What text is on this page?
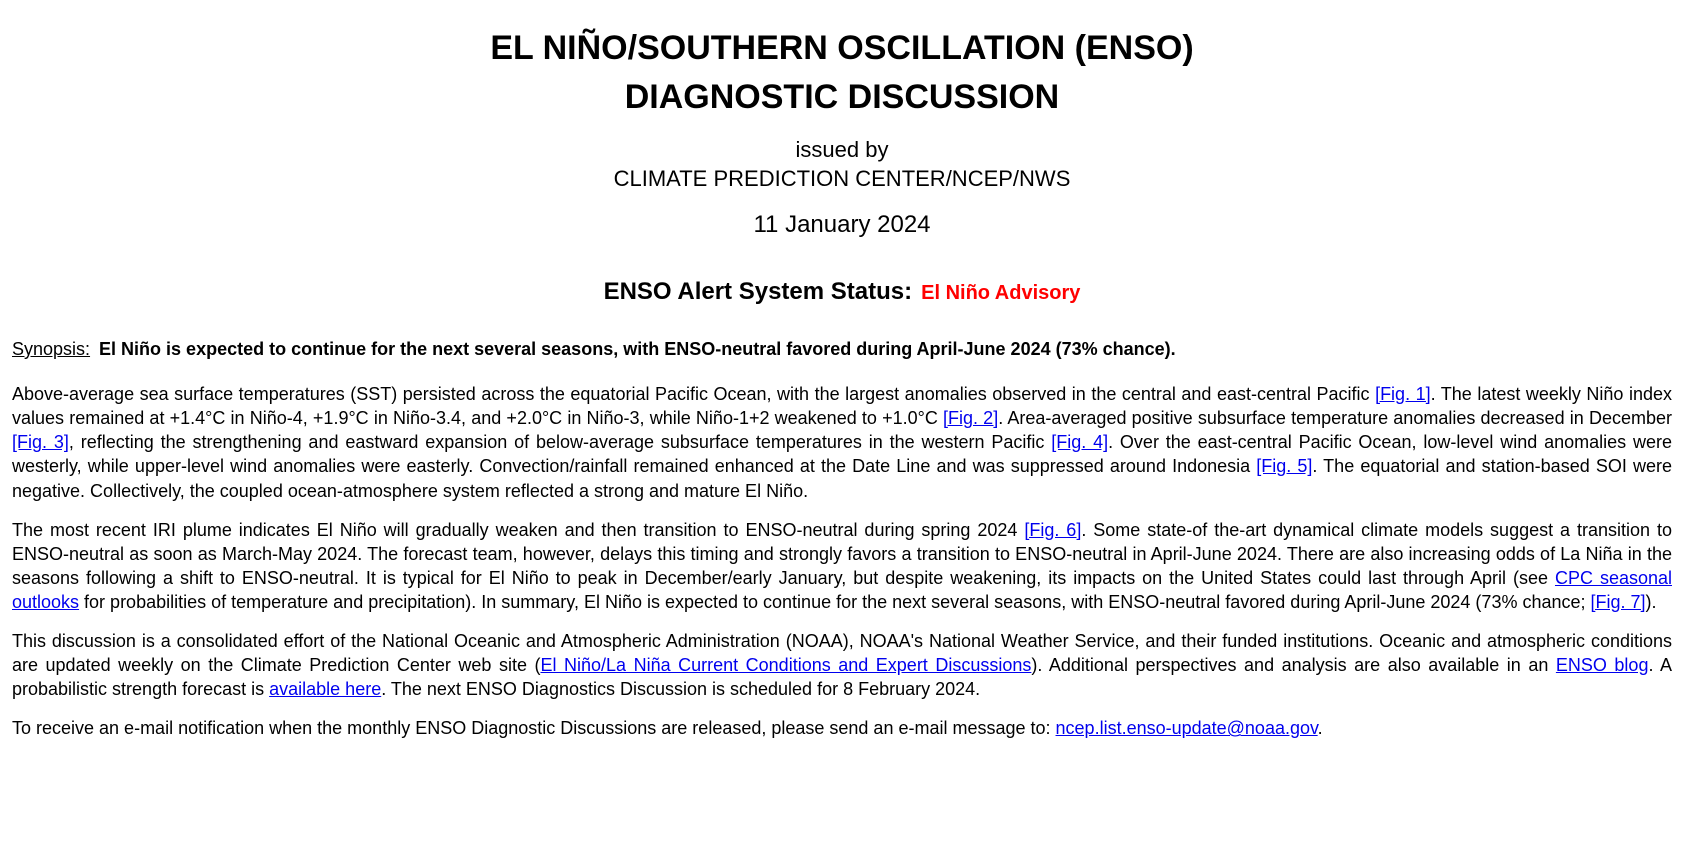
EL NIÑO/SOUTHERN OSCILLATION (ENSO)
DIAGNOSTIC DISCUSSION
issued by
CLIMATE PREDICTION CENTER/NCEP/NWS
11 January 2024
ENSO Alert System Status: El Niño Advisory

Synopsis: El Niño is expected to continue for the next several seasons, with ENSO-neutral favored during April-June 2024 (73% chance).

Above-average sea surface temperatures (SST) persisted across the equatorial Pacific Ocean, with the largest anomalies observed in the central and east-central Pacific [Fig. 1]. The latest weekly Niño index values remained at +1.4°C in Niño-4, +1.9°C in Niño-3.4, and +2.0°C in Niño-3, while Niño-1+2 weakened to +1.0°C [Fig. 2]. Area-averaged positive subsurface temperature anomalies decreased in December [Fig. 3], reflecting the strengthening and eastward expansion of below-average subsurface temperatures in the western Pacific [Fig. 4]. Over the east-central Pacific Ocean, low-level wind anomalies were westerly, while upper-level wind anomalies were easterly. Convection/rainfall remained enhanced at the Date Line and was suppressed around Indonesia [Fig. 5]. The equatorial and station-based SOI were negative. Collectively, the coupled ocean-atmosphere system reflected a strong and mature El Niño.

The most recent IRI plume indicates El Niño will gradually weaken and then transition to ENSO-neutral during spring 2024 [Fig. 6]. Some state-of the-art dynamical climate models suggest a transition to ENSO-neutral as soon as March-May 2024. The forecast team, however, delays this timing and strongly favors a transition to ENSO-neutral in April-June 2024. There are also increasing odds of La Niña in the seasons following a shift to ENSO-neutral. It is typical for El Niño to peak in December/early January, but despite weakening, its impacts on the United States could last through April (see CPC seasonal outlooks for probabilities of temperature and precipitation). In summary, El Niño is expected to continue for the next several seasons, with ENSO-neutral favored during April-June 2024 (73% chance; [Fig. 7]).

This discussion is a consolidated effort of the National Oceanic and Atmospheric Administration (NOAA), NOAA's National Weather Service, and their funded institutions. Oceanic and atmospheric conditions are updated weekly on the Climate Prediction Center web site (El Niño/La Niña Current Conditions and Expert Discussions). Additional perspectives and analysis are also available in an ENSO blog. A probabilistic strength forecast is available here. The next ENSO Diagnostics Discussion is scheduled for 8 February 2024.

To receive an e-mail notification when the monthly ENSO Diagnostic Discussions are released, please send an e-mail message to: ncep.list.enso-update@noaa.gov.
